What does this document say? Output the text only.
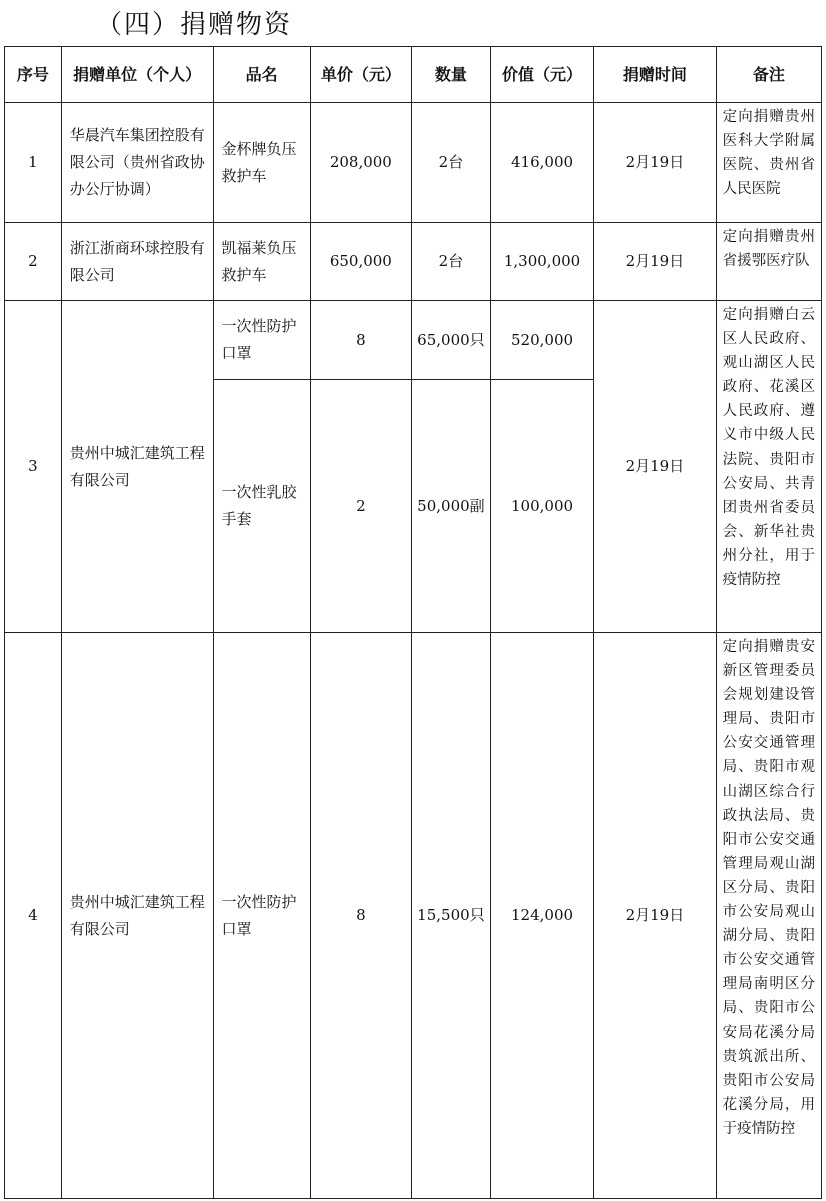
（四）捐赠物资
序号	捐赠单位（个人）	品名	单价（元）	数量	价值（元）	捐赠时间	备注
1	华晨汽车集团控股有限公司（贵州省政协办公厅协调）	金杯牌负压救护车	208,000	2台	416,000	2月19日	定向捐赠贵州医科大学附属医院、贵州省人民医院
2	浙江浙商环球控股有限公司	凯福莱负压救护车	650,000	2台	1,300,000	2月19日	定向捐赠贵州省援鄂医疗队
3	贵州中城汇建筑工程有限公司	一次性防护口罩	8	65,000只	520,000	2月19日	定向捐赠白云区人民政府、观山湖区人民政府、花溪区人民政府、遵义市中级人民法院、贵阳市公安局、共青团贵州省委员会、新华社贵州分社，用于疫情防控
		一次性乳胶手套	2	50,000副	100,000		
4	贵州中城汇建筑工程有限公司	一次性防护口罩	8	15,500只	124,000	2月19日	定向捐赠贵安新区管理委员会规划建设管理局、贵阳市公安交通管理局、贵阳市观山湖区综合行政执法局、贵阳市公安交通管理局观山湖区分局、贵阳市公安局观山湖分局、贵阳市公安交通管理局南明区分局、贵阳市公安局花溪分局贵筑派出所、贵阳市公安局花溪分局，用于疫情防控
